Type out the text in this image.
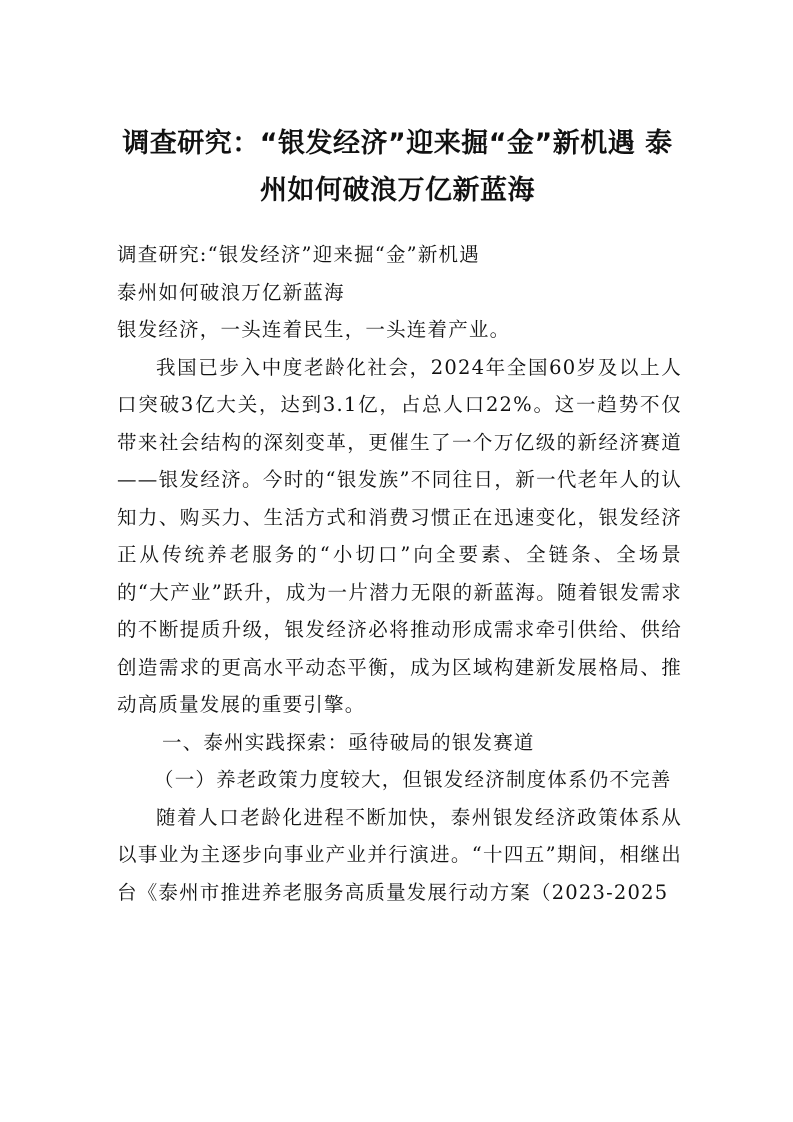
调查研究：“银发经济”迎来掘“金”新机遇 泰州如何破浪万亿新蓝海

调查研究:“银发经济”迎来掘“金”新机遇

泰州如何破浪万亿新蓝海

银发经济，一头连着民生，一头连着产业。

我国已步入中度老龄化社会，2024年全国60岁及以上人口突破3亿大关，达到3.1亿，占总人口22%。这一趋势不仅带来社会结构的深刻变革，更催生了一个万亿级的新经济赛道——银发经济。今时的“银发族”不同往日，新一代老年人的认知力、购买力、生活方式和消费习惯正在迅速变化，银发经济正从传统养老服务的“小切口”向全要素、全链条、全场景的“大产业”跃升，成为一片潜力无限的新蓝海。随着银发需求的不断提质升级，银发经济必将推动形成需求牵引供给、供给创造需求的更高水平动态平衡，成为区域构建新发展格局、推动高质量发展的重要引擎。

一、泰州实践探索：亟待破局的银发赛道

（一）养老政策力度较大，但银发经济制度体系仍不完善

随着人口老龄化进程不断加快，泰州银发经济政策体系从以事业为主逐步向事业产业并行演进。“十四五”期间，相继出台《泰州市推进养老服务高质量发展行动方案（2023-2025
